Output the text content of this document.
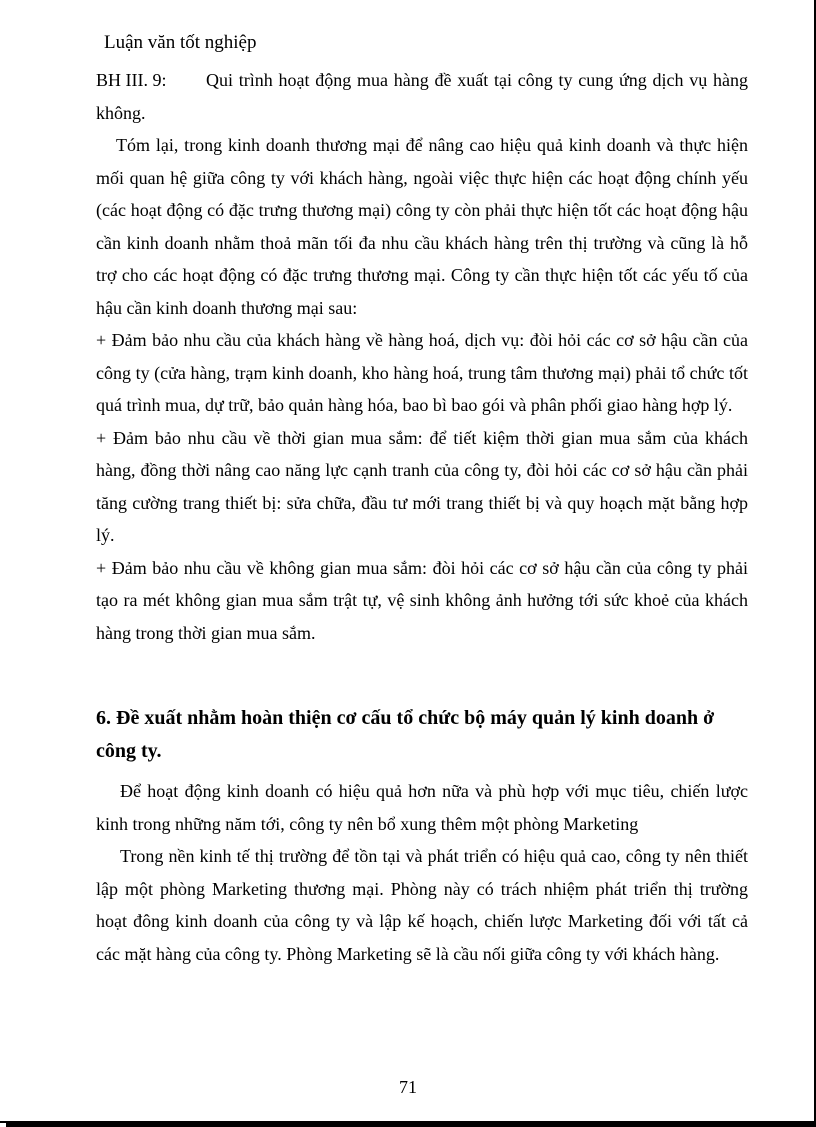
Luận văn tốt nghiệp
BH III. 9: Qui trình hoạt động mua hàng đề xuất tại công ty cung ứng dịch vụ hàng không.

Tóm lại, trong kinh doanh thương mại để nâng cao hiệu quả kinh doanh và thực hiện mối quan hệ giữa công ty với khách hàng, ngoài việc thực hiện các hoạt động chính yếu (các hoạt động có đặc trưng thương mại) công ty còn phải thực hiện tốt các hoạt động hậu cần kinh doanh nhằm thoả mãn tối đa nhu cầu khách hàng trên thị trường và cũng là hỗ trợ cho các hoạt động có đặc trưng thương mại. Công ty cần thực hiện tốt các yếu tố của hậu cần kinh doanh thương mại sau:

+ Đảm bảo nhu cầu của khách hàng về hàng hoá, dịch vụ: đòi hỏi các cơ sở hậu cần của công ty (cửa hàng, trạm kinh doanh, kho hàng hoá, trung tâm thương mại) phải tổ chức tốt quá trình mua, dự trữ, bảo quản hàng hóa, bao bì bao gói và phân phối giao hàng hợp lý.

+ Đảm bảo nhu cầu về thời gian mua sắm: để tiết kiệm thời gian mua sắm của khách hàng, đồng thời nâng cao năng lực cạnh tranh của công ty, đòi hỏi các cơ sở hậu cần phải tăng cường trang thiết bị: sửa chữa, đầu tư mới trang thiết bị và quy hoạch mặt bằng hợp lý.

+ Đảm bảo nhu cầu về không gian mua sắm: đòi hỏi các cơ sở hậu cần của công ty phải tạo ra mét không gian mua sắm trật tự, vệ sinh không ảnh hưởng tới sức khoẻ của khách hàng trong thời gian mua sắm.

6. Đề xuất nhằm hoàn thiện cơ cấu tổ chức bộ máy quản lý kinh doanh ở công ty.

Để hoạt động kinh doanh có hiệu quả hơn nữa và phù hợp với mục tiêu, chiến lược kinh trong những năm tới, công ty nên bổ xung thêm một phòng Marketing

Trong nền kinh tế thị trường để tồn tại và phát triển có hiệu quả cao, công ty nên thiết lập một phòng Marketing thương mại. Phòng này có trách nhiệm phát triển thị trường hoạt đông kinh doanh của công ty và lập kế hoạch, chiến lược Marketing đối với tất cả các mặt hàng của công ty. Phòng Marketing sẽ là cầu nối giữa công ty với khách hàng.

71
